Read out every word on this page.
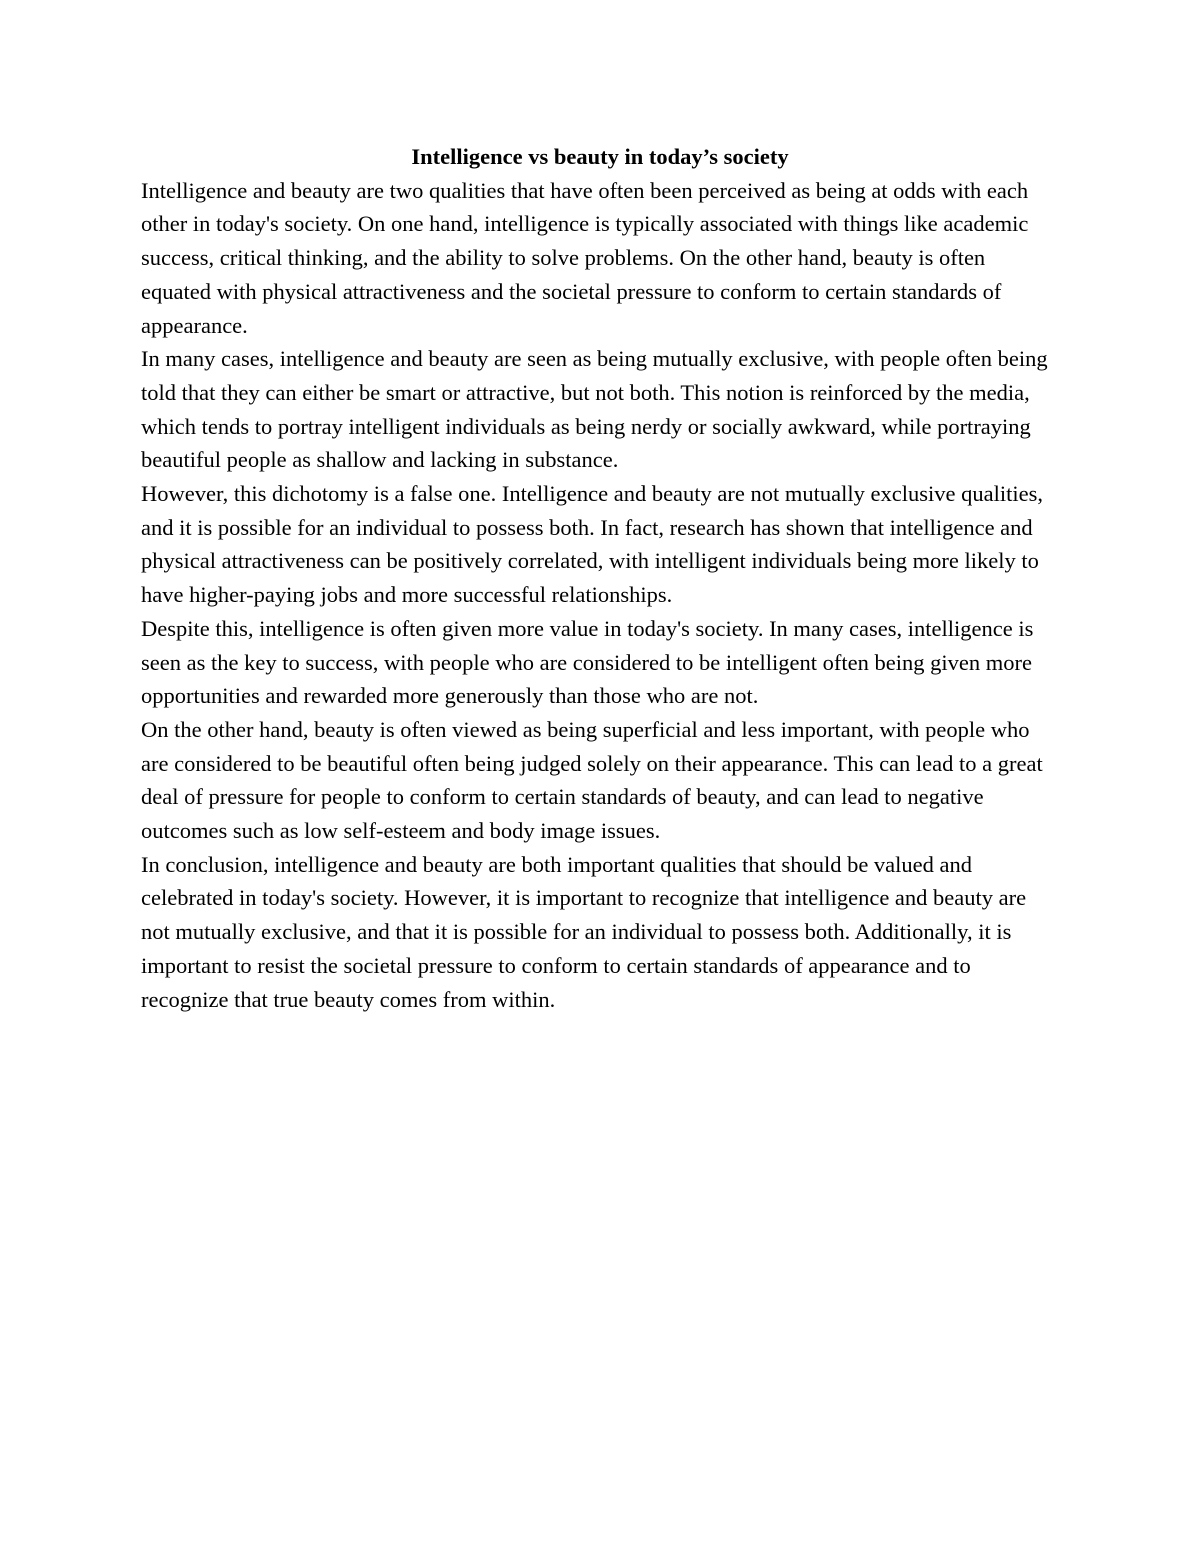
Intelligence vs beauty in today’s society

Intelligence and beauty are two qualities that have often been perceived as being at odds with each other in today's society. On one hand, intelligence is typically associated with things like academic success, critical thinking, and the ability to solve problems. On the other hand, beauty is often equated with physical attractiveness and the societal pressure to conform to certain standards of appearance.

In many cases, intelligence and beauty are seen as being mutually exclusive, with people often being told that they can either be smart or attractive, but not both. This notion is reinforced by the media, which tends to portray intelligent individuals as being nerdy or socially awkward, while portraying beautiful people as shallow and lacking in substance.

However, this dichotomy is a false one. Intelligence and beauty are not mutually exclusive qualities, and it is possible for an individual to possess both. In fact, research has shown that intelligence and physical attractiveness can be positively correlated, with intelligent individuals being more likely to have higher-paying jobs and more successful relationships.

Despite this, intelligence is often given more value in today's society. In many cases, intelligence is seen as the key to success, with people who are considered to be intelligent often being given more opportunities and rewarded more generously than those who are not.

On the other hand, beauty is often viewed as being superficial and less important, with people who are considered to be beautiful often being judged solely on their appearance. This can lead to a great deal of pressure for people to conform to certain standards of beauty, and can lead to negative outcomes such as low self-esteem and body image issues.

In conclusion, intelligence and beauty are both important qualities that should be valued and celebrated in today's society. However, it is important to recognize that intelligence and beauty are not mutually exclusive, and that it is possible for an individual to possess both. Additionally, it is important to resist the societal pressure to conform to certain standards of appearance and to recognize that true beauty comes from within.
